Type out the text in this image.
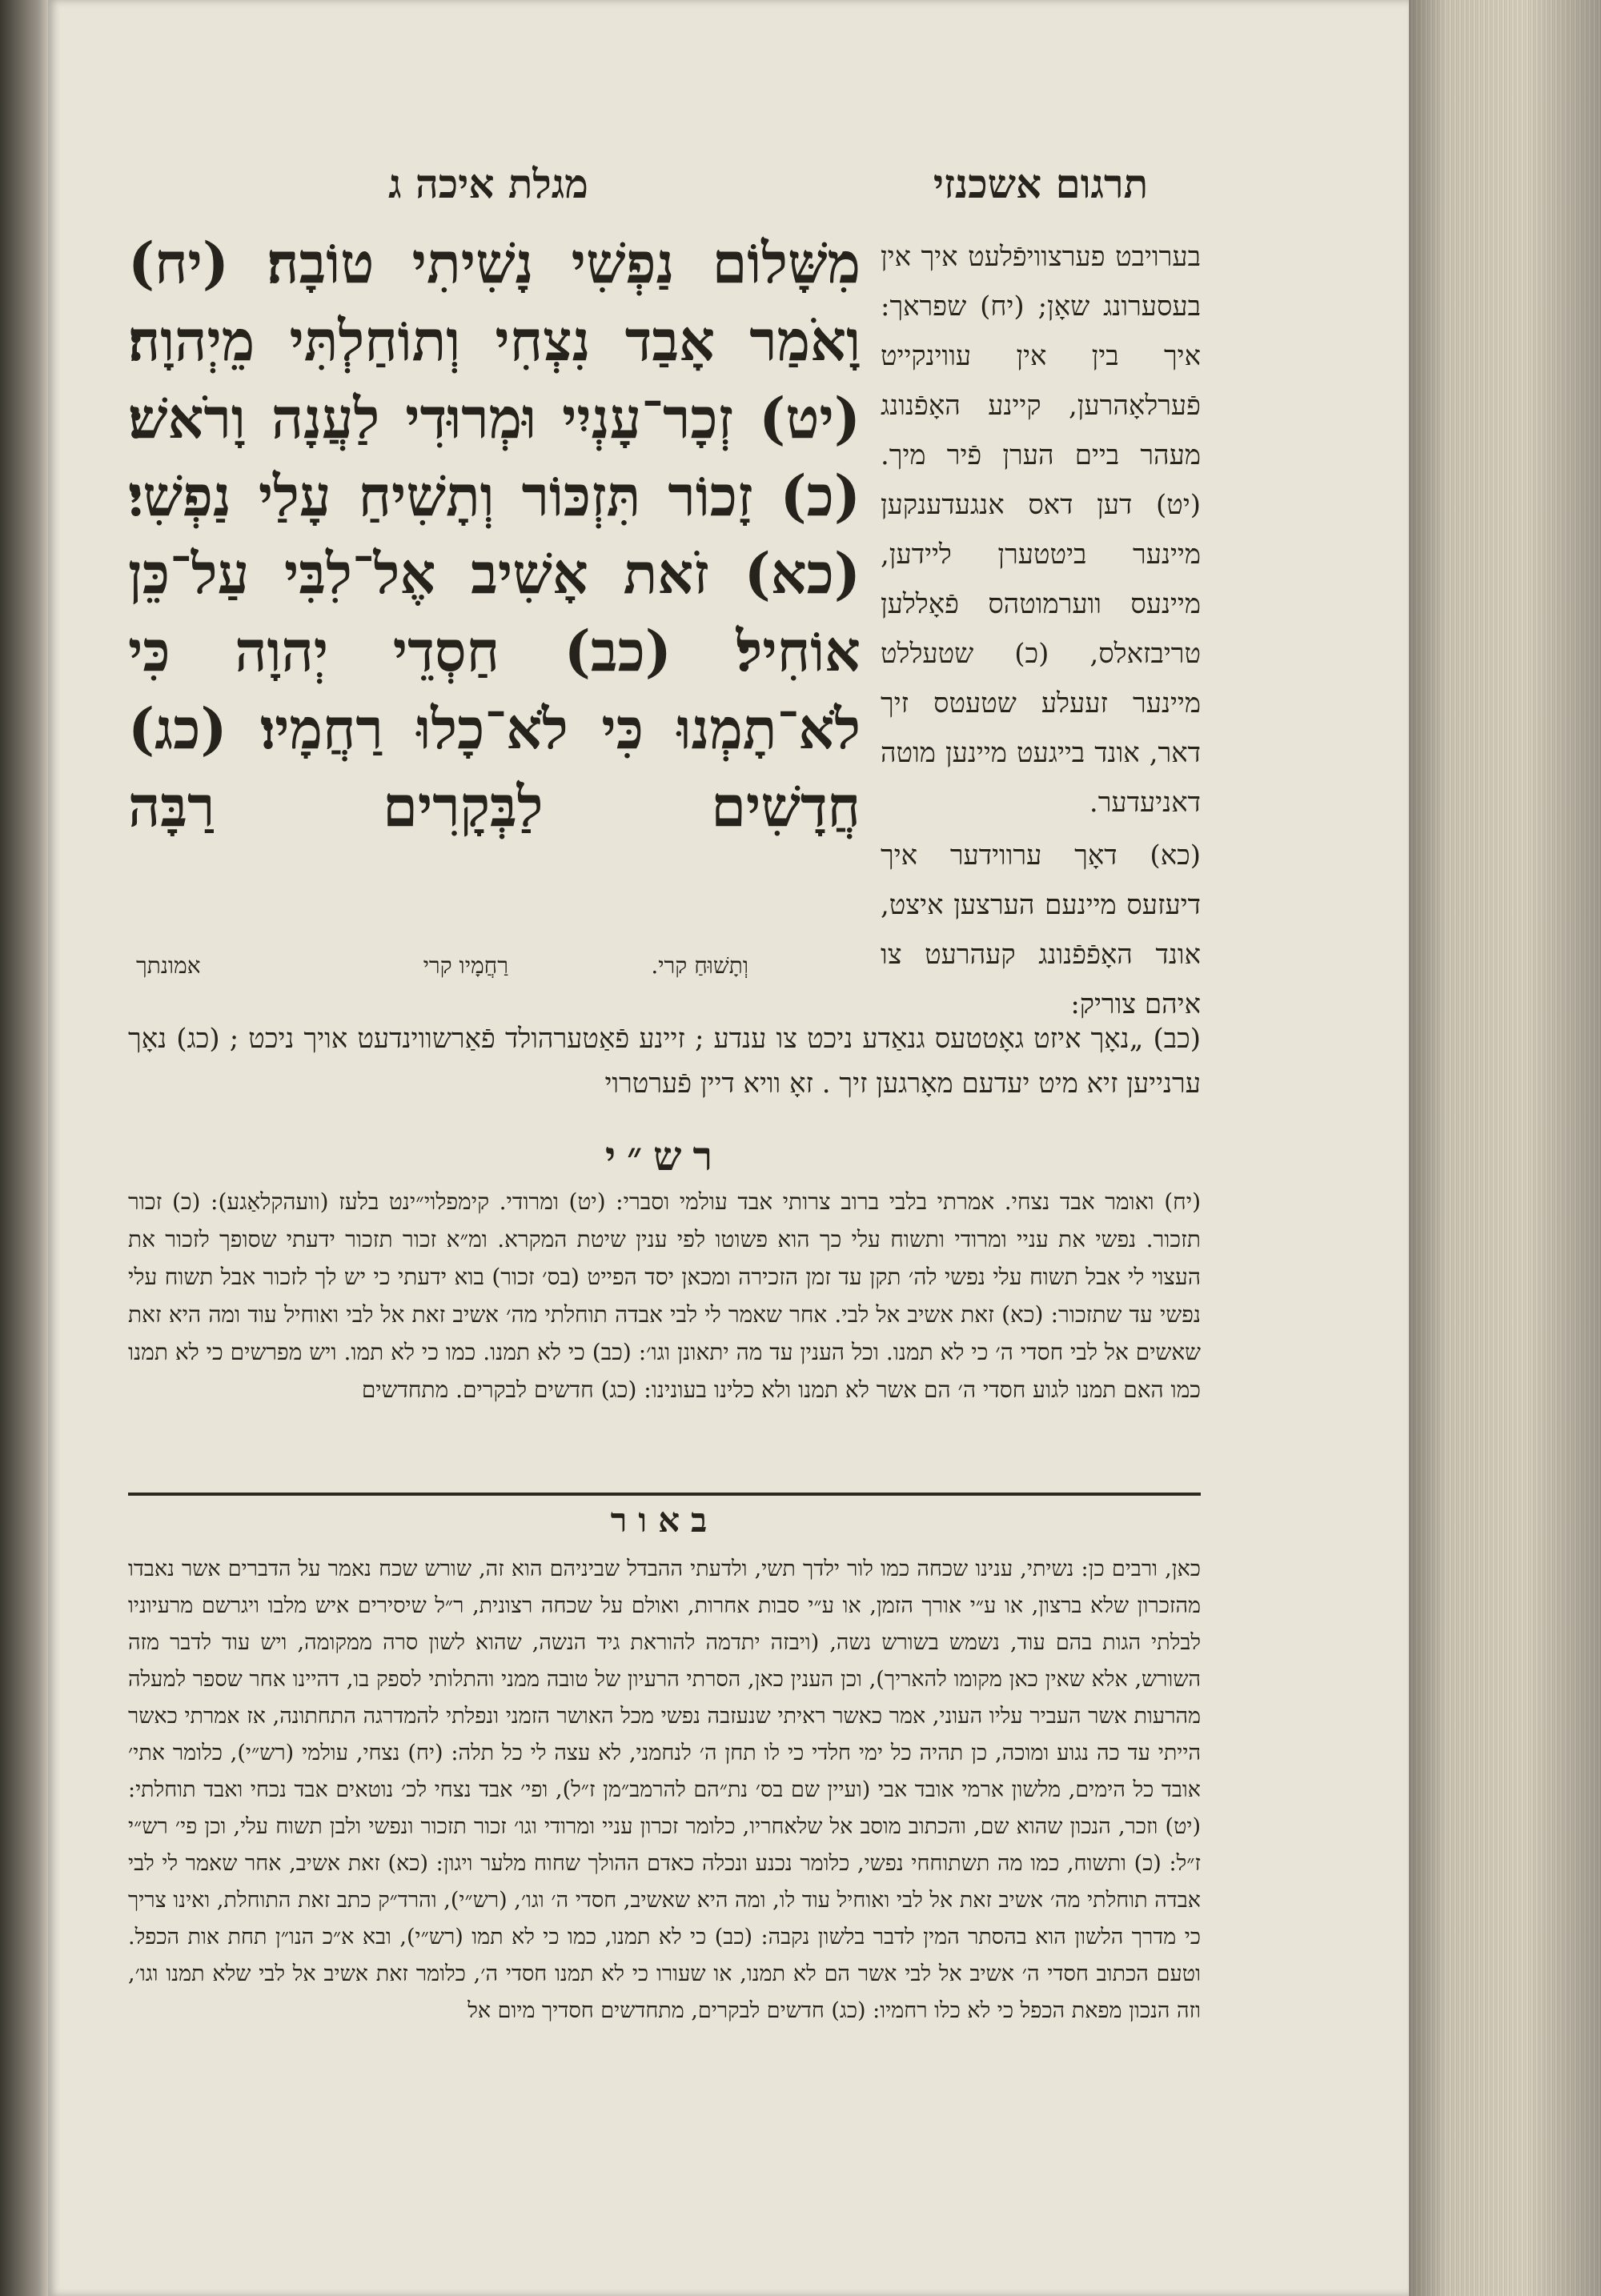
תרגום אשכנזי
מגלת איכה ג

בערויבט פערצוויפֿלעט איך אין בעסערונג שאָן; (יח) שפראך: איך בין אין עווינקייט פֿערלאָהרען, קיינע האָפֿנונג מעהר ביים הערן פֿיר מיך. (יט) דען דאס אנגעדענקען מיינער ביטטערן ליידען, מיינעס ווערמוטהס פֿאָללען טריבזאלס, (כ) שטעללט מיינער זעעלע שטעטס זיך דאר, אונד בייגעט מיינען מוטה דאניעדער.

(כא) דאָך ערווידער איך דיעזעס מיינעם הערצען איצט, אונד האָפֿפֿנונג קעהרעט צו איהם צוריק:

מִשָּׁלוֹם נַפְשִׁי נָשִׁיתִי טוֹבָה׃ (יח) וָאֹמַר אָבַד נִצְחִי וְתוֹחַלְתִּי מֵיְהוָה׃ (יט) זְכָר־עָנְיִי וּמְרוּדִי לַעֲנָה וָרֹאשׁ׃ (כ) זָכוֹר תִּזְכּוֹר וְתָשִׁיחַ עָלַי נַפְשִׁי׃ (כא) זֹאת אָשִׁיב אֶל־לִבִּי עַל־כֵּן אוֹחִיל׃ (כב) חַסְדֵי יְהוָה כִּי לֹא־תָמְנוּ כִּי לֹא־כָלוּ רַחֲמָיו׃ (כג) חֲדָשִׁים לַבְּקָרִים רַבָּה

וְתָשׁוּחַ קרי.
רַחֲמָיו קרי
אמונתך

(כב) „נאָך איזט גאָטטעס גנאַדע ניכט צו ענדע ; זיינע פֿאַטערהולד פֿאַרשווינדעט אויך ניכט ; (כג) נאָך ערנייען זיא מיט יעדעם מאָרגען זיך . זאָ וויא דיין פֿערטרוי

רש״י

(יח) ואומר אבד נצחי. אמרתי בלבי ברוב צרותי אבד עולמי וסברי: (יט) ומרודי. קימפלוי״ינט בלעז (וועהקלאַגע): (כ) זכור תזכור. נפשי את עניי ומרודי ותשוח עלי כך הוא פשוטו לפי ענין שיטת המקרא. ומ״א זכור תזכור ידעתי שסופך לזכור את העצוי לי אבל תשוח עלי נפשי לה׳ תקן עד זמן הזכירה ומכאן יסד הפייט (בס׳ זכור) בוא ידעתי כי יש לך לזכור אבל תשוח עלי נפשי עד שתזכור: (כא) זאת אשיב אל לבי. אחר שאמר לי לבי אבדה תוחלתי מה׳ אשיב זאת אל לבי ואוחיל עוד ומה היא זאת שאשים אל לבי חסדי ה׳ כי לא תמנו. וכל הענין עד מה יתאונן וגו׳: (כב) כי לא תמנו. כמו כי לא תמו. ויש מפרשים כי לא תמנו כמו האם תמנו לגוע חסדי ה׳ הם אשר לא תמנו ולא כלינו בעונינו: (כג) חדשים לבקרים. מתחדשים

באור

כאן, ורבים כן: נשיתי, ענינו שכחה כמו לור ילדך תשי, ולדעתי ההבדל שביניהם הוא זה, שורש שכח נאמר על הדברים אשר נאבדו מהזכרון שלא ברצון, או ע״י אורך הזמן, או ע״י סבות אחרות, ואולם על שכחה רצונית, ר״ל שיסירים איש מלבו ויגרשם מרעיוניו לבלתי הגות בהם עוד, נשמש בשורש נשה, (ויבזה יתדמה להוראת גיד הנשה, שהוא לשון סרה ממקומה, ויש עוד לדבר מזה השורש, אלא שאין כאן מקומו להאריך), וכן הענין כאן, הסרתי הרעיון של טובה ממני והתלותי לספק בו, דהיינו אחר שספר למעלה מהרעות אשר העביר עליו העוני, אמר כאשר ראיתי שנעזבה נפשי מכל האושר הזמני ונפלתי להמדרגה התחתונה, אז אמרתי כאשר הייתי עד כה נגוע ומוכה, כן תהיה כל ימי חלדי כי לו תחן ה׳ לנחמני, לא עצה לי כל תלה: (יח) נצחי, עולמי (רש״י), כלומר אתי׳ אובד כל הימים, מלשון ארמי אובד אבי (ועיין שם בס׳ נת״הם להרמב״מן ז״ל), ופי׳ אבד נצחי לכ׳ נוטאים אבד נכחי ואבד תוחלתי: (יט) וזכר, הנכון שהוא שם, והכתוב מוסב אל שלאחריו, כלומר זכרון עניי ומרודי וגו׳ זכור תזכור ונפשי ולבן תשוח עלי, וכן פי׳ רש״י ז״ל: (כ) ותשוח, כמו מה תשתוחחי נפשי, כלומר נכנע ונכלה כאדם ההולך שחוח מלער ויגון: (כא) זאת אשיב, אחר שאמר לי לבי אבדה תוחלתי מה׳ אשיב זאת אל לבי ואוחיל עוד לו, ומה היא שאשיב, חסדי ה׳ וגו׳, (רש״י), והרד״ק כתב זאת התוחלת, ואינו צריך כי מדרך הלשון הוא בהסתר המין לדבר בלשון נקבה: (כב) כי לא תמנו, כמו כי לא תמו (רש״י), ובא א״כ הנו״ן תחת אות הכפל. וטעם הכתוב חסדי ה׳ אשיב אל לבי אשר הם לא תמנו, או שעורו כי לא תמנו חסדי ה׳, כלומר זאת אשיב אל לבי שלא תמנו וגו׳, וזה הנכון מפאת הכפל כי לא כלו רחמיו: (כג) חדשים לבקרים, מתחדשים חסדיך מיום אל
